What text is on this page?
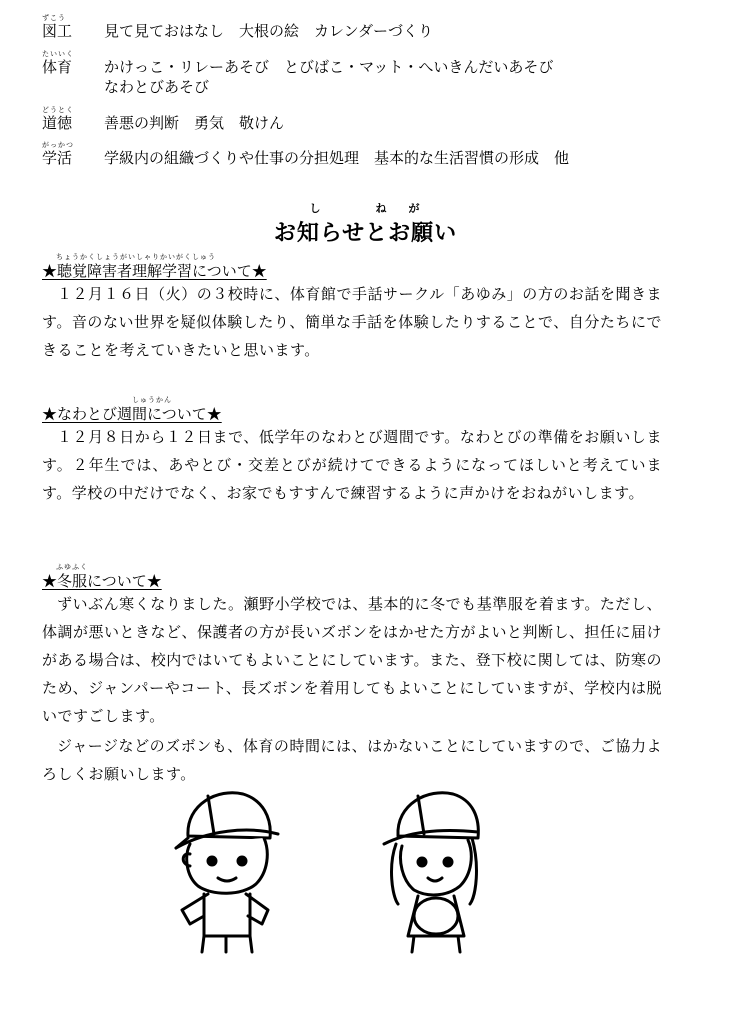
ずこう
図工	見て見ておはなし　大根の絵　カレンダーづくり
たいいく
体育	かけっこ・リレーあそび　とびばこ・マット・へいきんだいあそび
なわとびあそび
どうとく
道徳	善悪の判断　勇気　敬けん
がっかつ
学活	学級内の組織づくりや仕事の分担処理　基本的な生活習慣の形成　他
し　ねが
お知らせとお願い
ちょうかくしょうがいしゃりかいがくしゅう
★聴覚障害者理解学習について★

１２月１６日（火）の３校時に、体育館で手話サークル「あゆみ」の方のお話を聞きます。音のない世界を疑似体験したり、簡単な手話を体験したりすることで、自分たちにできることを考えていきたいと思います。

しゅうかん
★なわとび週間について★

１２月８日から１２日まで、低学年のなわとび週間です。なわとびの準備をお願いします。２年生では、あやとび・交差とびが続けてできるようになってほしいと考えています。学校の中だけでなく、お家でもすすんで練習するように声かけをおねがいします。

ふゆふく
★冬服について★

ずいぶん寒くなりました。瀬野小学校では、基本的に冬でも基準服を着ます。ただし、体調が悪いときなど、保護者の方が長いズボンをはかせた方がよいと判断し、担任に届けがある場合は、校内ではいてもよいことにしています。また、登下校に関しては、防寒のため、ジャンパーやコート、長ズボンを着用してもよいことにしていますが、学校内は脱いですごします。

ジャージなどのズボンも、体育の時間には、はかないことにしていますので、ご協力よろしくお願いします。
